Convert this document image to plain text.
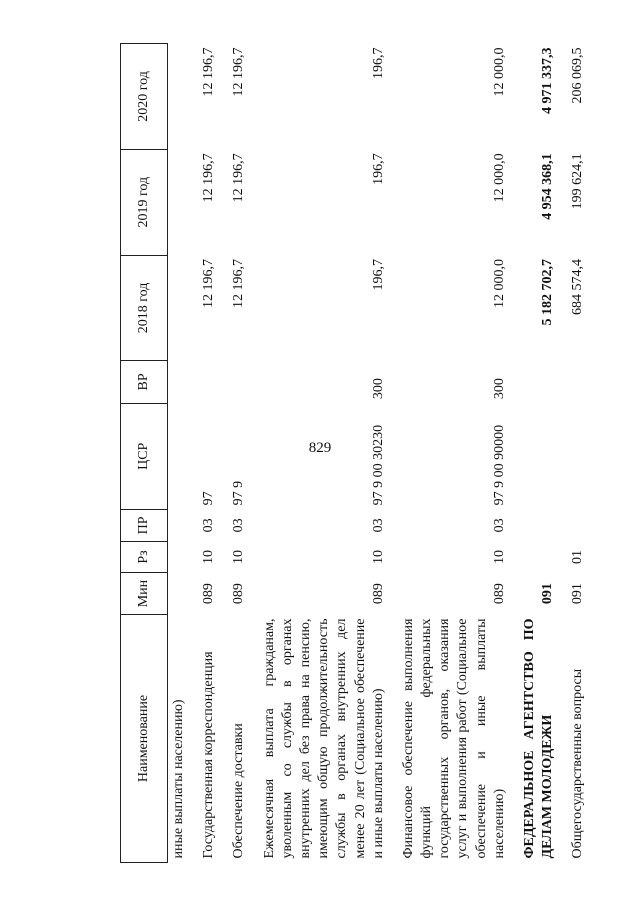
829
Наименование	Мин	Рз	ПР	ЦСР	ВР	2018 год	2019 год	2020 год
иные выплаты населению)								
Государственная корреспонденция	089	10	03	97		12 196,7	12 196,7	12 196,7
Обеспечение доставки	089	10	03	97 9		12 196,7	12 196,7	12 196,7
Ежемесячная выплата гражданам, уволенным со службы в органах внутренних дел без права на пенсию, имеющим общую продолжительность службы в органах внутренних дел менее 20 лет (Социальное обеспечение и иные выплаты населению)	089	10	03	97 9 00 30230	300	196,7	196,7	196,7
Финансовое обеспечение выполнения функций федеральных государственных органов, оказания услуг и выполнения работ (Социальное обеспечение и иные выплаты населению)	089	10	03	97 9 00 90000	300	12 000,0	12 000,0	12 000,0
ФЕДЕРАЛЬНОЕ АГЕНТСТВО ПО ДЕЛАМ МОЛОДЕЖИ	091					5 182 702,7	4 954 368,1	4 971 337,3
Общегосударственные вопросы	091	01				684 574,4	199 624,1	206 069,5
